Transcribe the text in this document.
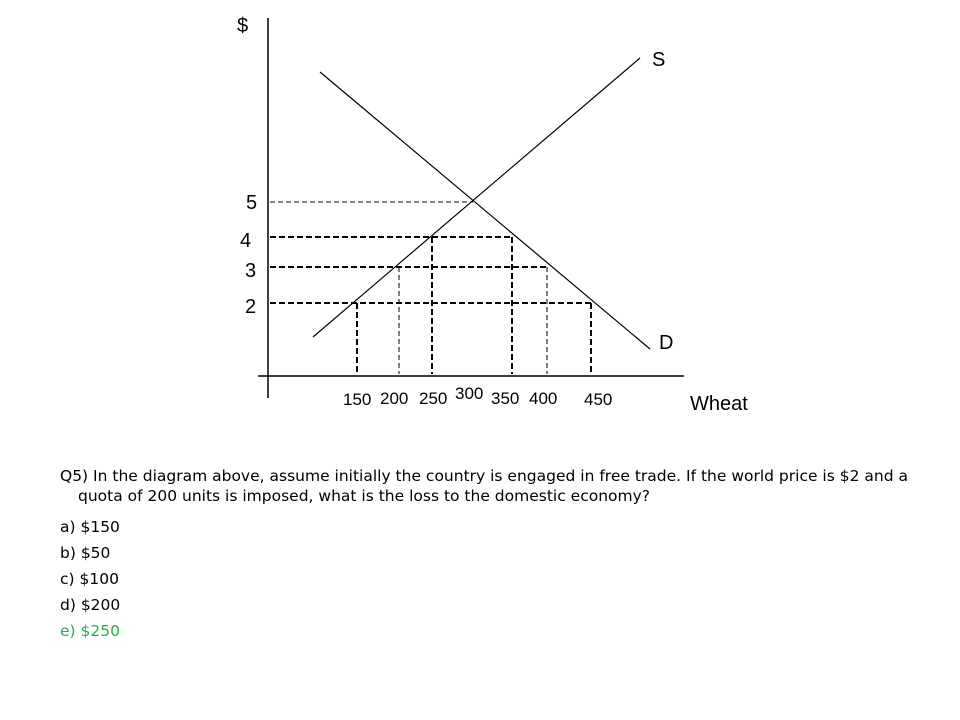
$
Wheat
S
D
5
4
3
2
150 200 250 300 350 400 450

Q5) In the diagram above, assume initially the country is engaged in free trade. If the world price is $2 and a quota of 200 units is imposed, what is the loss to the domestic economy?

a) $150

b) $50

c) $100

d) $200

e) $250
